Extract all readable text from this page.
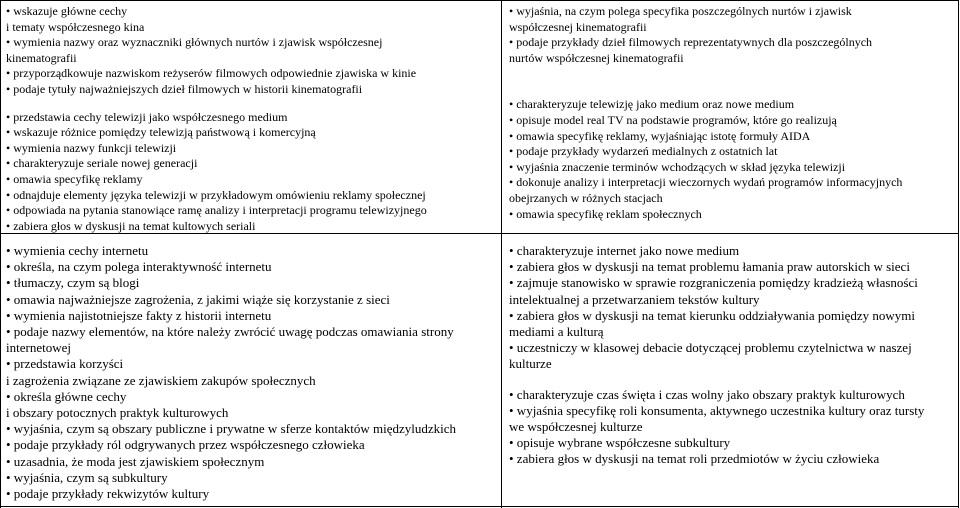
• wskazuje główne cechy

i tematy współczesnego kina

• wymienia nazwy oraz wyznaczniki głównych nurtów i zjawisk współczesnej

kinematografii

• przyporządkowuje nazwiskom reżyserów filmowych odpowiednie zjawiska w kinie

• podaje tytuły najważniejszych dzieł filmowych w historii kinematografii

• przedstawia cechy telewizji jako współczesnego medium

• wskazuje różnice pomiędzy telewizją państwową i komercyjną

• wymienia nazwy funkcji telewizji

• charakteryzuje seriale nowej generacji

• omawia specyfikę reklamy

• odnajduje elementy języka telewizji w przykładowym omówieniu reklamy społecznej

• odpowiada na pytania stanowiące ramę analizy i interpretacji programu telewizyjnego

• zabiera głos w dyskusji na temat kultowych seriali

• wyjaśnia, na czym polega specyfika poszczególnych nurtów i zjawisk

współczesnej kinematografii

• podaje przykłady dzieł filmowych reprezentatywnych dla poszczególnych

nurtów współczesnej kinematografii

• charakteryzuje telewizję jako medium oraz nowe medium

• opisuje model real TV na podstawie programów, które go realizują

• omawia specyfikę reklamy, wyjaśniając istotę formuły AIDA

• podaje przykłady wydarzeń medialnych z ostatnich lat

• wyjaśnia znaczenie terminów wchodzących w skład języka telewizji

• dokonuje analizy i interpretacji wieczornych wydań programów informacyjnych

obejrzanych w różnych stacjach

• omawia specyfikę reklam społecznych

• wymienia cechy internetu

• określa, na czym polega interaktywność internetu

• tłumaczy, czym są blogi

• omawia najważniejsze zagrożenia, z jakimi wiąże się korzystanie z sieci

• wymienia najistotniejsze fakty z historii internetu

• podaje nazwy elementów, na które należy zwrócić uwagę podczas omawiania strony

internetowej

• przedstawia korzyści

i zagrożenia związane ze zjawiskiem zakupów społecznych

• określa główne cechy

i obszary potocznych praktyk kulturowych

• wyjaśnia, czym są obszary publiczne i prywatne w sferze kontaktów międzyludzkich

• podaje przykłady ról odgrywanych przez współczesnego człowieka

• uzasadnia, że moda jest zjawiskiem społecznym

• wyjaśnia, czym są subkultury

• podaje przykłady rekwizytów kultury

• charakteryzuje internet jako nowe medium

• zabiera głos w dyskusji na temat problemu łamania praw autorskich w sieci

• zajmuje stanowisko w sprawie rozgraniczenia pomiędzy kradzieżą własności

intelektualnej a przetwarzaniem tekstów kultury

• zabiera głos w dyskusji na temat kierunku oddziaływania pomiędzy nowymi

mediami a kulturą

• uczestniczy w klasowej debacie dotyczącej problemu czytelnictwa w naszej

kulturze

• charakteryzuje czas święta i czas wolny jako obszary praktyk kulturowych

• wyjaśnia specyfikę roli konsumenta, aktywnego uczestnika kultury oraz tursty

we współczesnej kulturze

• opisuje wybrane współczesne subkultury

• zabiera głos w dyskusji na temat roli przedmiotów w życiu człowieka
